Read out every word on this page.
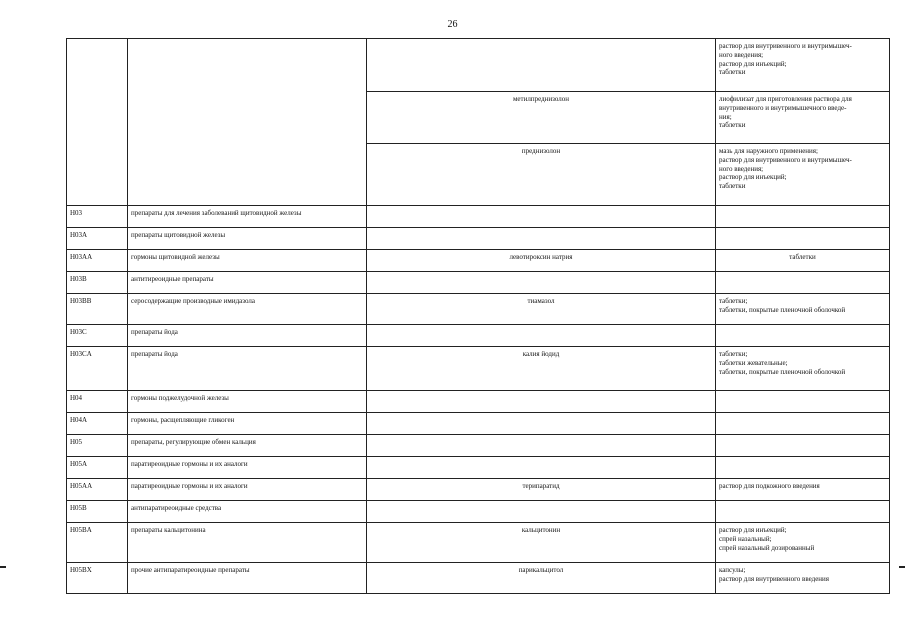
26

			раствор для внутривенного и внутримышеч-
ного введения;
раствор для инъекций;
таблетки

		метилпреднизолон	лиофилизат для приготовления раствора для
внутривенного и внутримышечного введе-
ния;
таблетки

		преднизолон	мазь для наружного применения;
раствор для внутривенного и внутримышеч-
ного введения;
раствор для инъекций;
таблетки

H03	препараты для лечения заболеваний щитовидной железы		
H03A	препараты щитовидной железы		
H03AA	гормоны щитовидной железы	левотироксин натрия	таблетки

H03B	антитиреоидные препараты		
H03BB	серосодержащие производные имидазола	тиамазол	таблетки;
таблетки, покрытые пленочной оболочкой

H03C	препараты йода		
H03CA	препараты йода	калия йодид	таблетки;
таблетки жевательные;
таблетки, покрытые пленочной оболочкой

H04	гормоны поджелудочной железы		
H04A	гормоны, расщепляющие гликоген		
H05	препараты, регулирующие обмен кальция		
H05A	паратиреоидные гормоны и их аналоги		
H05AA	паратиреоидные гормоны и их аналоги	терипаратид	раствор для подкожного введения

H05B	антипаратиреоидные средства		
H05BA	препараты кальцитонина	кальцитонин	раствор для инъекций;
спрей назальный;
спрей назальный дозированный

H05BX	прочие антипаратиреоидные препараты	парикальцитол	капсулы;
раствор для внутривенного введения
